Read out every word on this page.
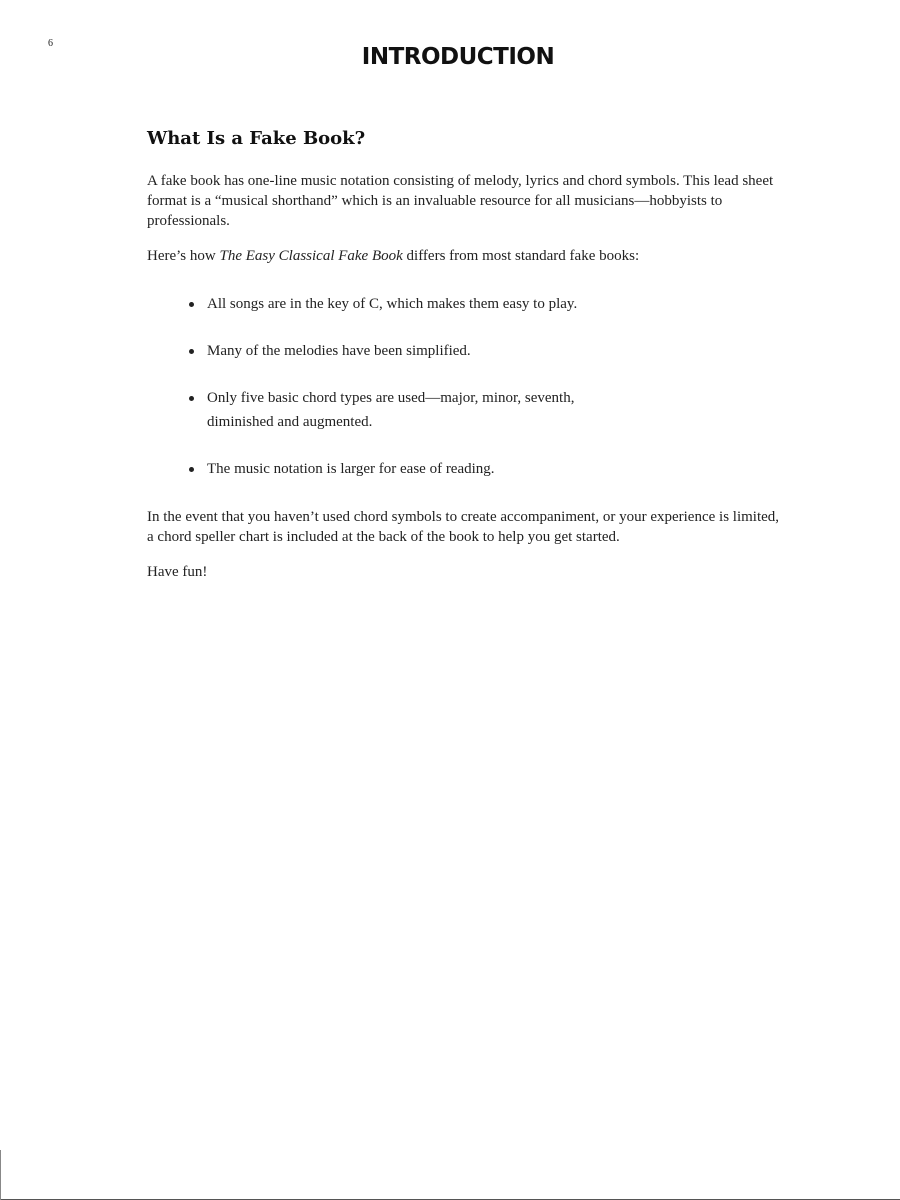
6
INTRODUCTION
What Is a Fake Book?

A fake book has one-line music notation consisting of melody, lyrics and chord symbols. This lead sheet format is a “musical shorthand” which is an invaluable resource for all musicians—hobbyists to professionals.

Here’s how The Easy Classical Fake Book differs from most standard fake books:

All songs are in the key of C, which makes them easy to play.
Many of the melodies have been simplified.
Only five basic chord types are used—major, minor, seventh, diminished and augmented.
The music notation is larger for ease of reading.

In the event that you haven’t used chord symbols to create accompaniment, or your experience is limited, a chord speller chart is included at the back of the book to help you get started.

Have fun!
